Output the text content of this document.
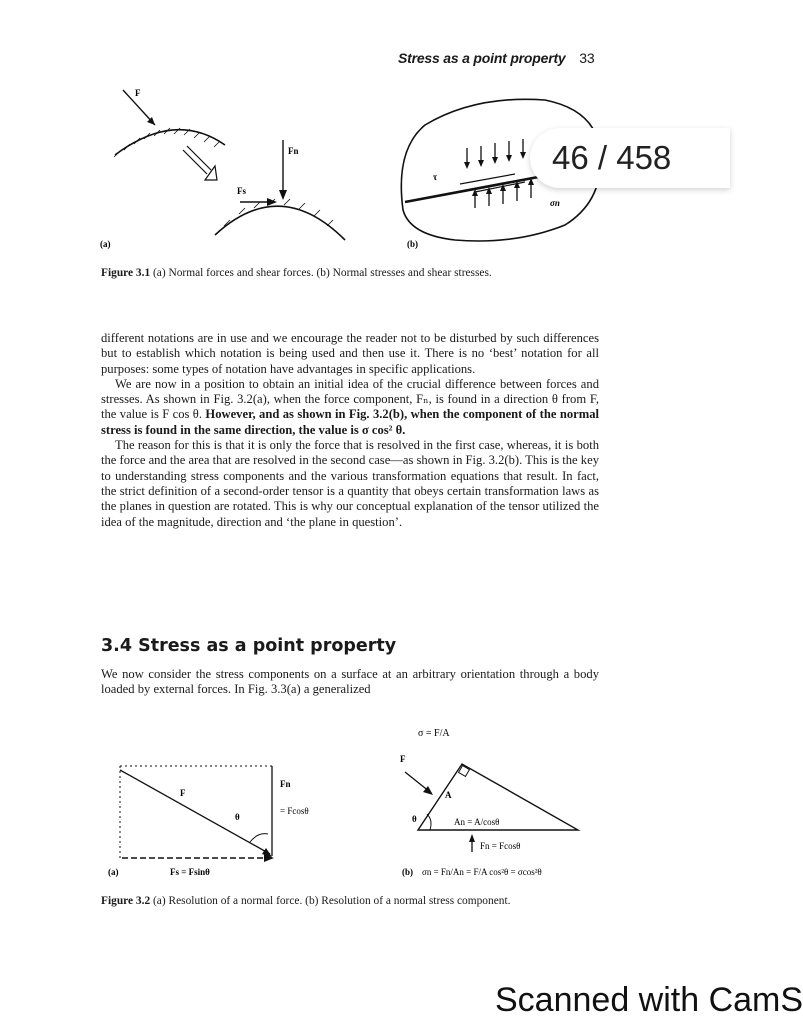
Stress as a point property 33
F
Fn
Fs
(a)
τ
σn
(b)
46 / 458
Figure 3.1 (a) Normal forces and shear forces. (b) Normal stresses and shear stresses.

different notations are in use and we encourage the reader not to be disturbed by such differences but to establish which notation is being used and then use it. There is no ‘best’ notation for all purposes: some types of notation have advantages in specific applications.

We are now in a position to obtain an initial idea of the crucial difference between forces and stresses. As shown in Fig. 3.2(a), when the force component, Fₙ, is found in a direction θ from F, the value is F cos θ. However, and as shown in Fig. 3.2(b), when the component of the normal stress is found in the same direction, the value is σ cos² θ.

The reason for this is that it is only the force that is resolved in the first case, whereas, it is both the force and the area that are resolved in the second case—as shown in Fig. 3.2(b). This is the key to understanding stress components and the various transformation equations that result. In fact, the strict definition of a second-order tensor is a quantity that obeys certain transformation laws as the planes in question are rotated. This is why our conceptual explanation of the tensor utilized the idea of the magnitude, direction and ‘the plane in question’.

3.4 Stress as a point property
We now consider the stress components on a surface at an arbitrary orientation through a body loaded by external forces. In Fig. 3.3(a) a generalized
F
θ
Fn
= Fcosθ
Fs = Fsinθ
(a)
σ = F/A
F
θ
A
An = A/cosθ
Fn = Fcosθ
(b) σn = Fn/An = F/A cos²θ = σcos²θ
Figure 3.2 (a) Resolution of a normal force. (b) Resolution of a normal stress component.
Scanned with CamS
